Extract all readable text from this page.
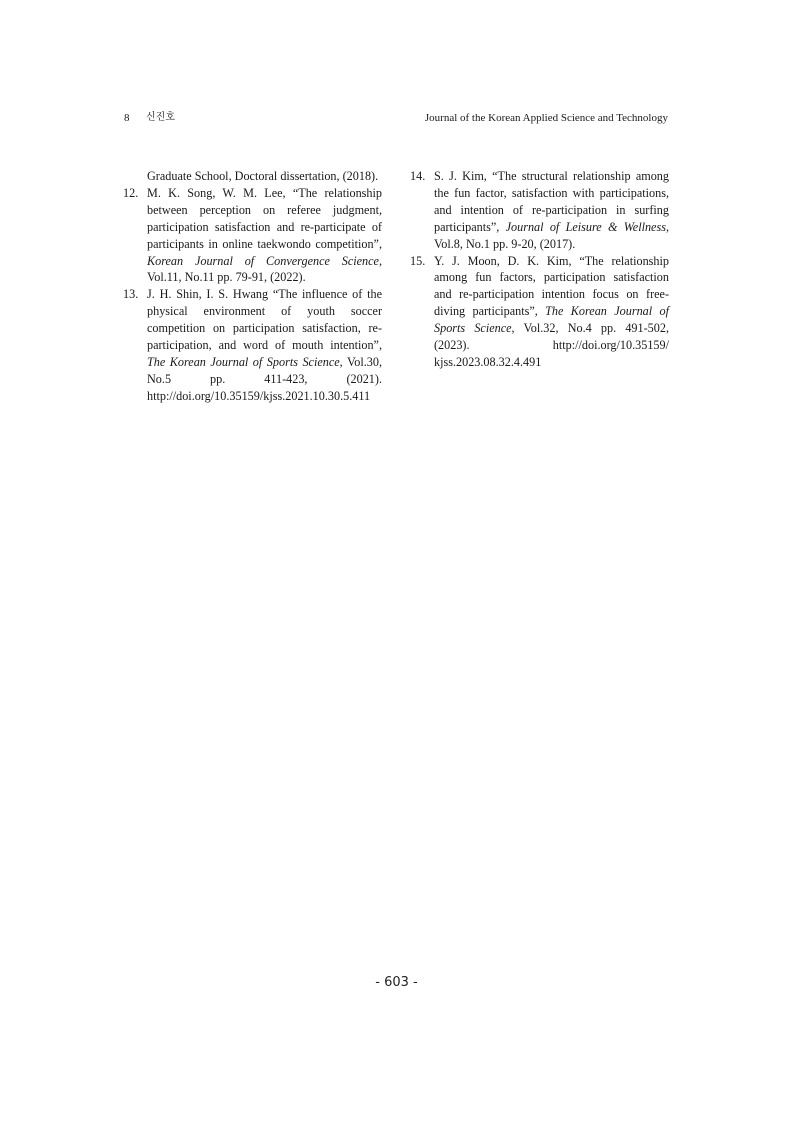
8 신진호	Journal of the Korean Applied Science and Technology

Graduate School, Doctoral dissertation, (2018).

12. M. K. Song, W. M. Lee, “The relationship between perception on referee judgment, participation satisfaction and re-participate of participants in online taekwondo competition”, Korean Journal of Convergence Science, Vol.11, No.11 pp. 79-91, (2022).

13. J. H. Shin, I. S. Hwang “The influence of the physical environment of youth soccer competition on participation satisfaction, re-participation, and word of mouth intention”, The Korean Journal of Sports Science, Vol.30, No.5 pp. 411-423, (2021). http://doi.org/10.35159/kjss.2021.10.30.5.411

14. S. J. Kim, “The structural relationship among the fun factor, satisfaction with participations, and intention of re-participation in surfing participants”, Journal of Leisure & Wellness, Vol.8, No.1 pp. 9-20, (2017).

15. Y. J. Moon, D. K. Kim, “The relationship among fun factors, participation satisfaction and re-participation intention focus on free-diving participants”, The Korean Journal of Sports Science, Vol.32, No.4 pp. 491-502, (2023). http://doi.org/10.35159/ kjss.2023.08.32.4.491

- 603 -
